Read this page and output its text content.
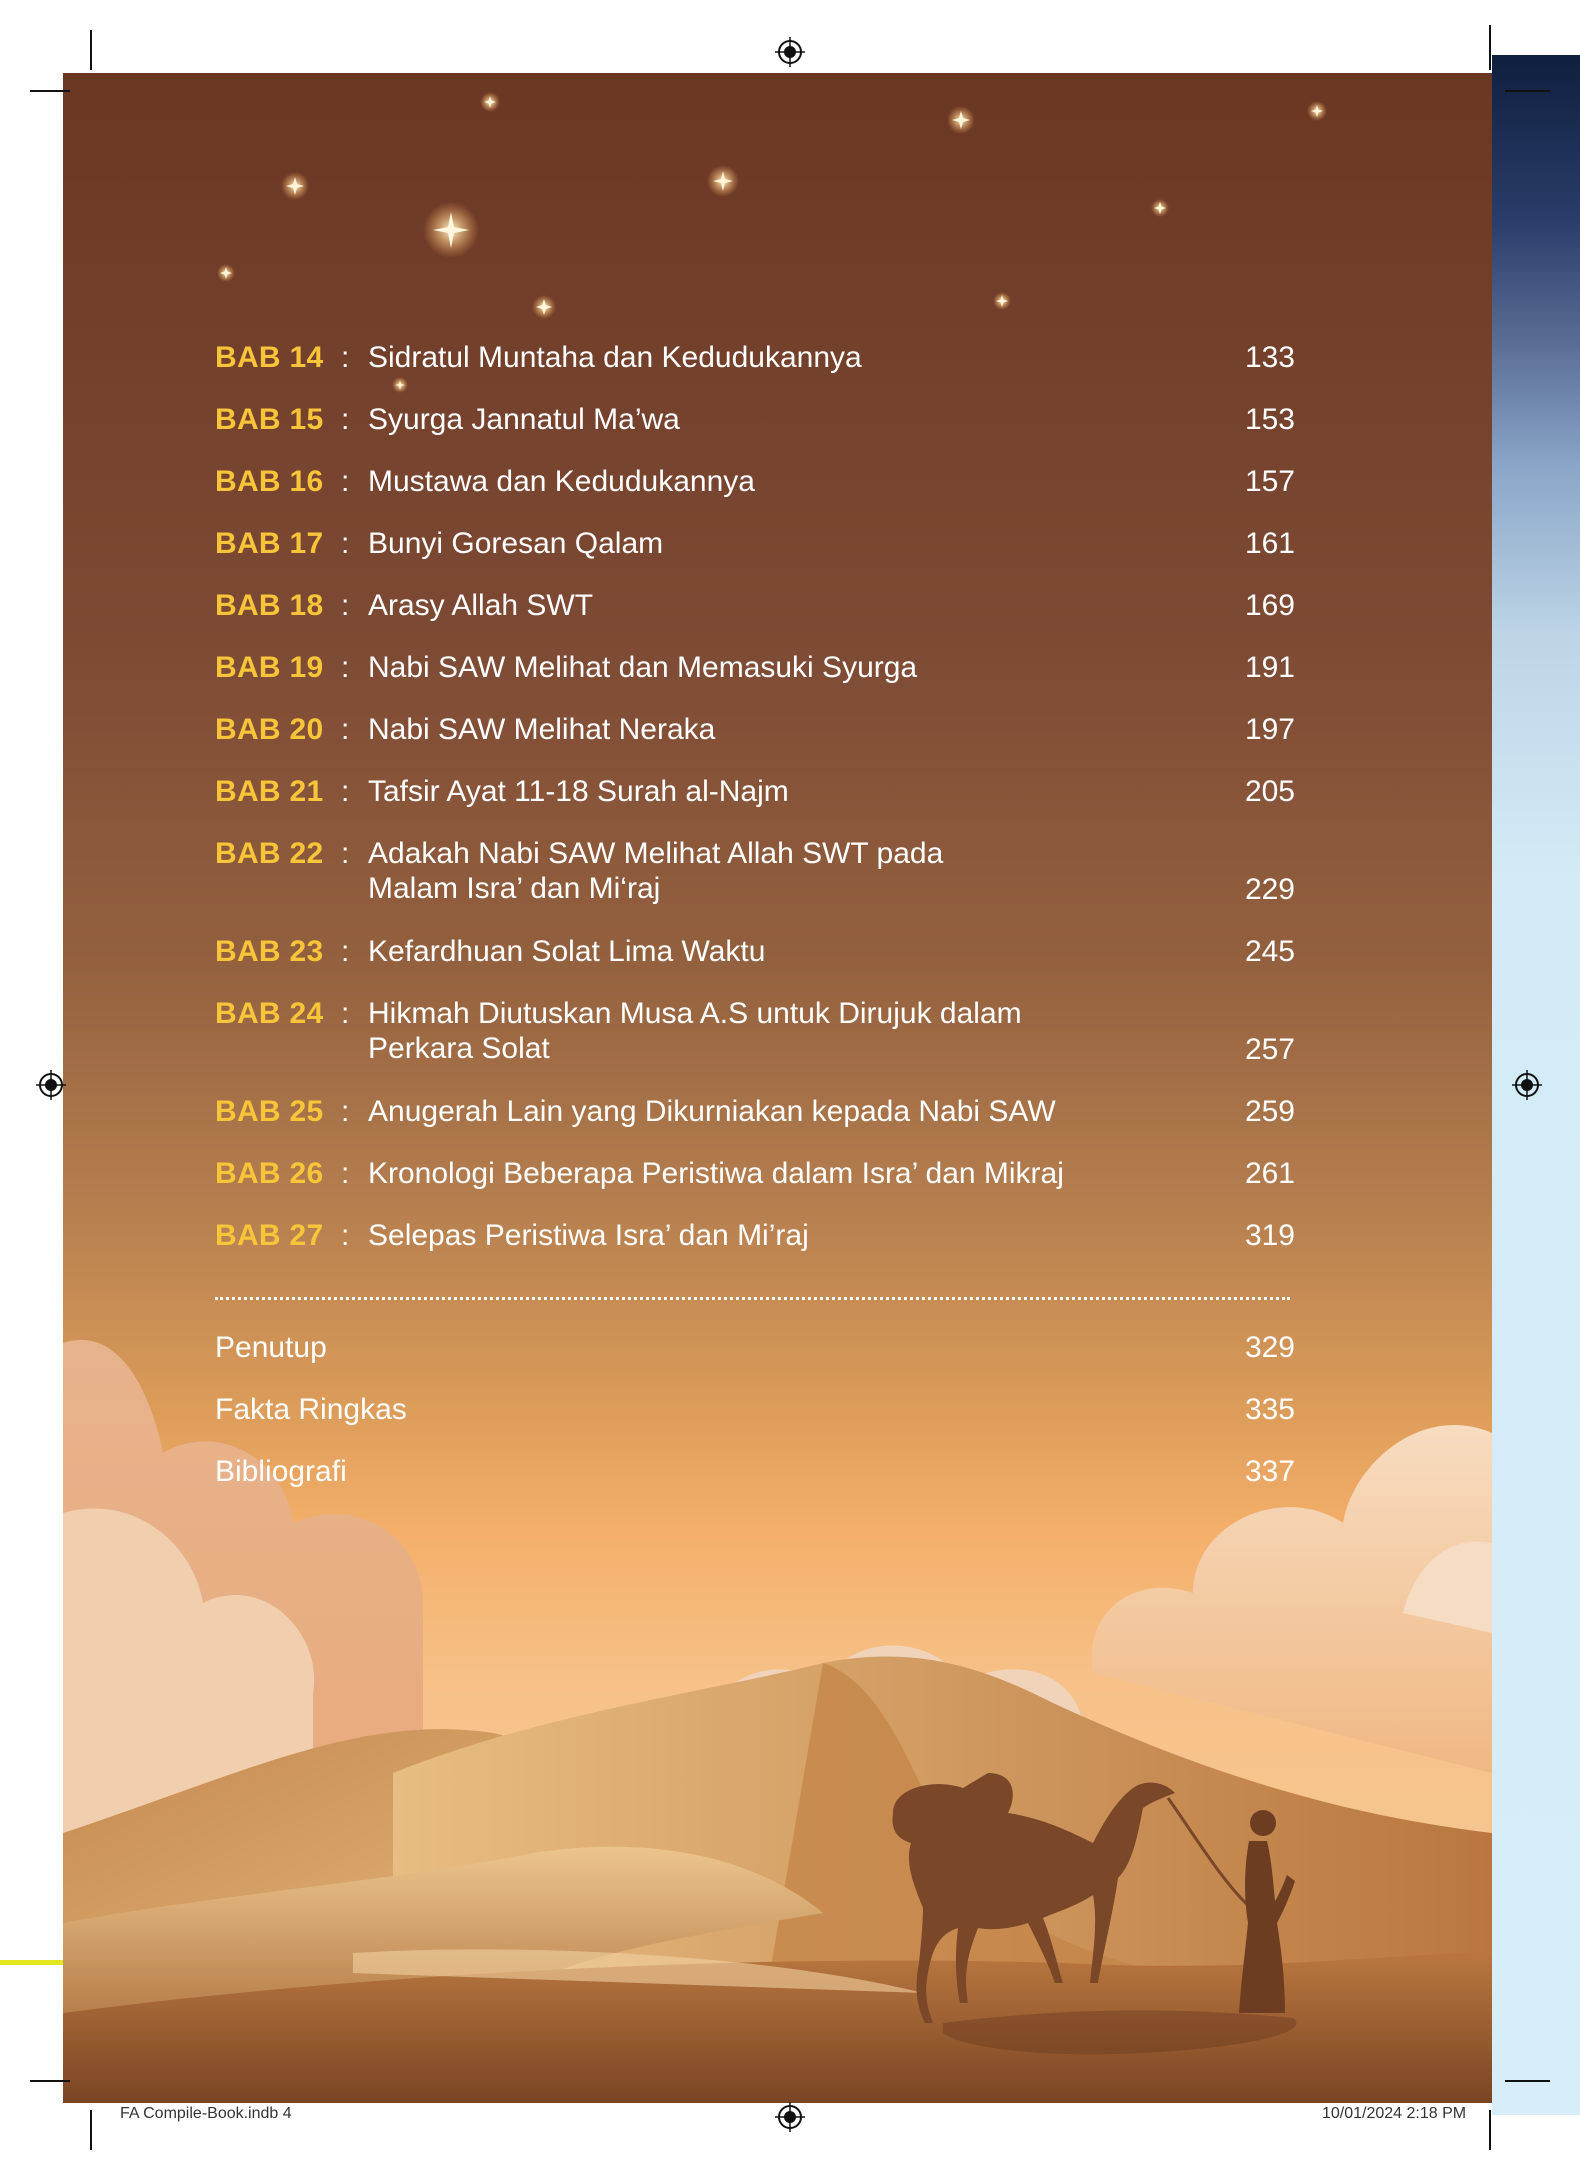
BAB 14 : Sidratul Muntaha dan Kedudukannya	133
BAB 15 : Syurga Jannatul Ma’wa	153
BAB 16 : Mustawa dan Kedudukannya	157
BAB 17 : Bunyi Goresan Qalam	161
BAB 18 : Arasy Allah SWT	169
BAB 19 : Nabi SAW Melihat dan Memasuki Syurga	191
BAB 20 : Nabi SAW Melihat Neraka	197
BAB 21 : Tafsir Ayat 11-18 Surah al-Najm	205
BAB 22 : Adakah Nabi SAW Melihat Allah SWT pada
Malam Isra’ dan Mi‘raj	229
BAB 23 : Kefardhuan Solat Lima Waktu	245
BAB 24 : Hikmah Diutuskan Musa A.S untuk Dirujuk dalam
Perkara Solat	257
BAB 25 : Anugerah Lain yang Dikurniakan kepada Nabi SAW	259
BAB 26 : Kronologi Beberapa Peristiwa dalam Isra’ dan Mikraj	261
BAB 27 : Selepas Peristiwa Isra’ dan Mi’raj	319
Penutup	329
Fakta Ringkas	335
Bibliografi	337
FA Compile-Book.indb 4	10/01/2024 2:18 PM
